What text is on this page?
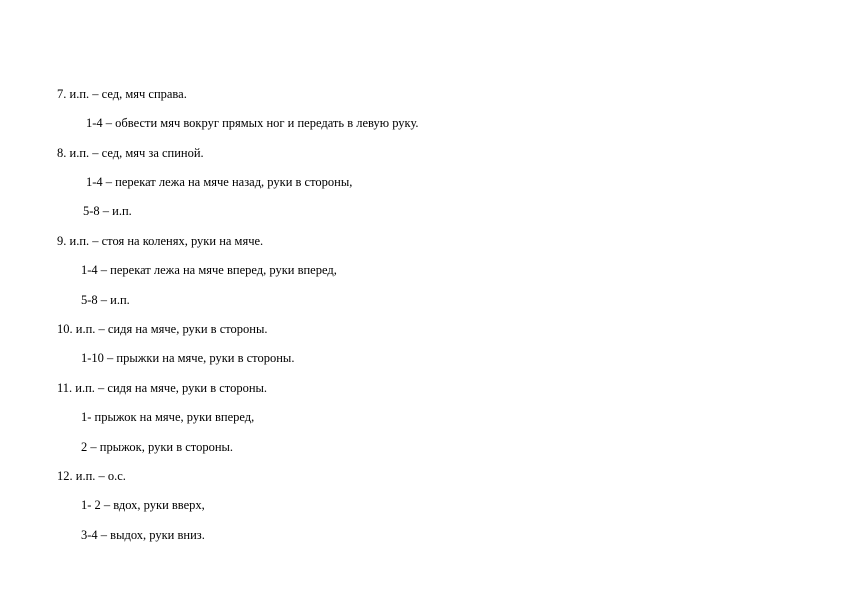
7. и.п. – сед, мяч справа.
1-4 – обвести мяч вокруг прямых ног и передать в левую руку.
8. и.п. – сед, мяч за спиной.
1-4 – перекат лежа на мяче назад, руки в стороны,
5-8 – и.п.
9. и.п. – стоя на коленях, руки на мяче.
1-4 – перекат лежа на мяче вперед, руки вперед,
5-8 – и.п.
10. и.п. – сидя на мяче, руки в стороны.
1-10 – прыжки на мяче, руки в стороны.
11. и.п. – сидя на мяче, руки в стороны.
1- прыжок на мяче, руки вперед,
2 – прыжок, руки в стороны.
12. и.п. – о.с.
1- 2 – вдох, руки вверх,
3-4 – выдох, руки вниз.
